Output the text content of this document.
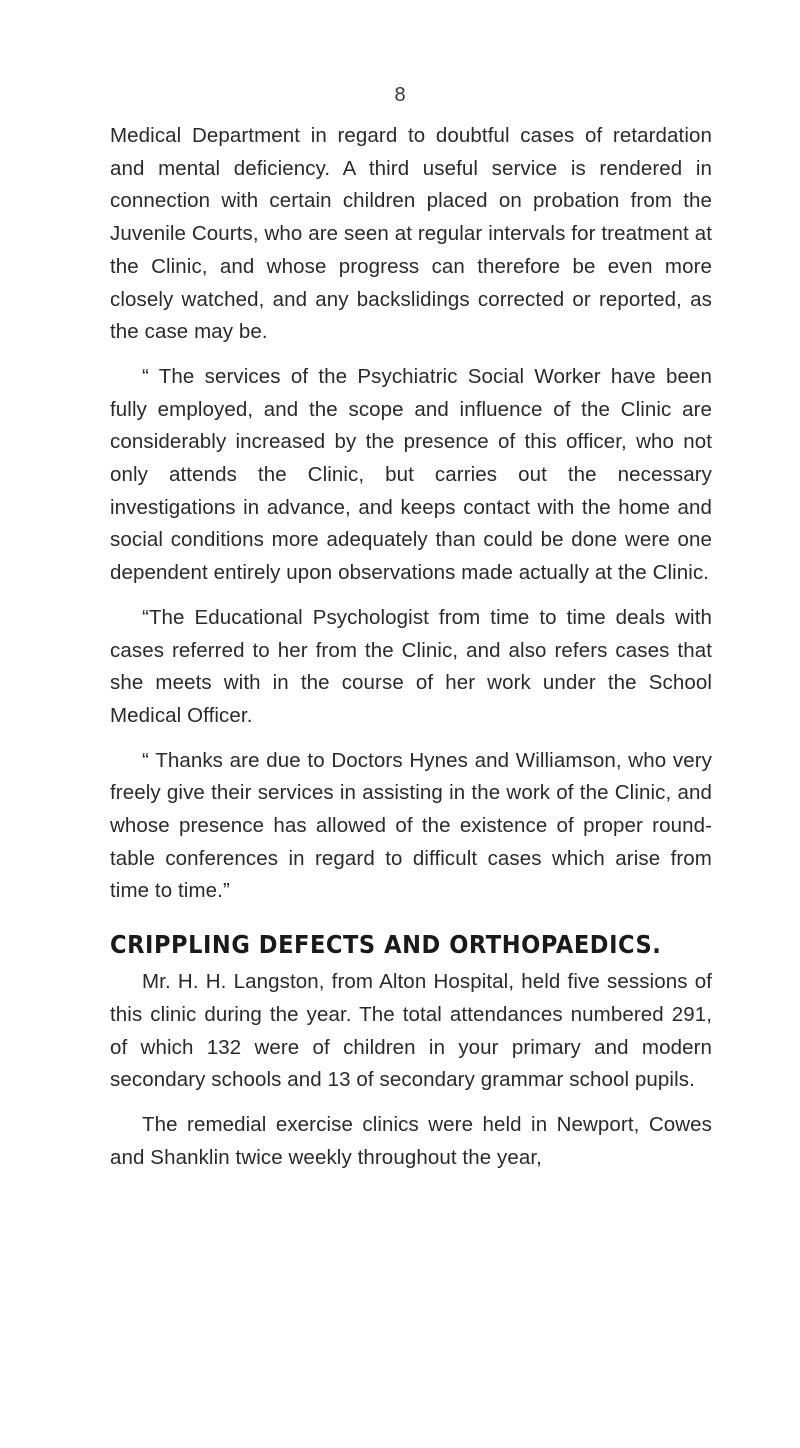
8

Medical Department in regard to doubtful cases of retardation and mental deficiency. A third useful service is rendered in connection with certain children placed on probation from the Juvenile Courts, who are seen at regular intervals for treatment at the Clinic, and whose progress can therefore be even more closely watched, and any backslidings corrected or reported, as the case may be.

“ The services of the Psychiatric Social Worker have been fully employed, and the scope and influence of the Clinic are considerably increased by the presence of this officer, who not only attends the Clinic, but carries out the necessary investigations in advance, and keeps contact with the home and social conditions more adequately than could be done were one dependent entirely upon observations made actually at the Clinic.

“The Educational Psychologist from time to time deals with cases referred to her from the Clinic, and also refers cases that she meets with in the course of her work under the School Medical Officer.

“ Thanks are due to Doctors Hynes and Williamson, who very freely give their services in assisting in the work of the Clinic, and whose presence has allowed of the existence of proper round-table conferences in regard to difficult cases which arise from time to time.”

CRIPPLING DEFECTS AND ORTHOPAEDICS.

Mr. H. H. Langston, from Alton Hospital, held five sessions of this clinic during the year. The total attendances numbered 291, of which 132 were of children in your primary and modern secondary schools and 13 of secondary grammar school pupils.

The remedial exercise clinics were held in Newport, Cowes and Shanklin twice weekly throughout the year,
